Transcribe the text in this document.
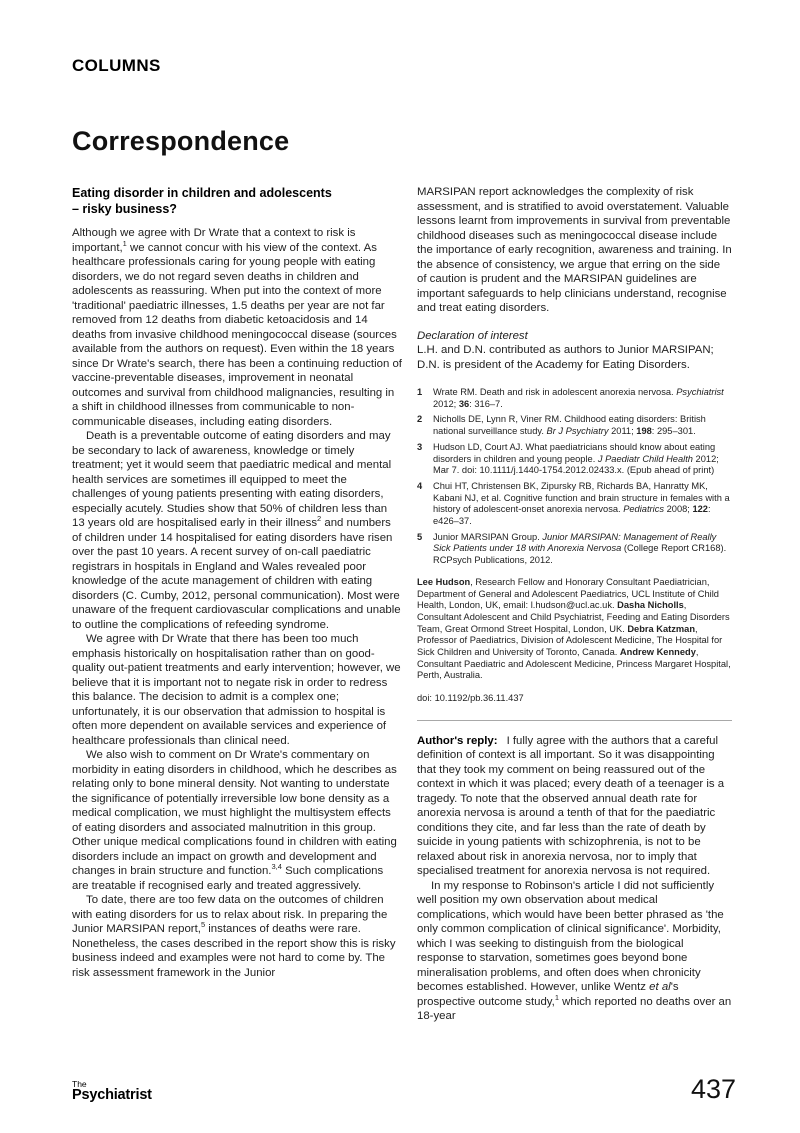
COLUMNS
Correspondence
Eating disorder in children and adolescents
– risky business?

Although we agree with Dr Wrate that a context to risk is important,$^1$ we cannot concur with his view of the context. As healthcare professionals caring for young people with eating disorders, we do not regard seven deaths in children and adolescents as reassuring. When put into the context of more 'traditional' paediatric illnesses, 1.5 deaths per year are not far removed from 12 deaths from diabetic ketoacidosis and 14 deaths from invasive childhood meningococcal disease (sources available from the authors on request). Even within the 18 years since Dr Wrate's search, there has been a continuing reduction of vaccine-preventable diseases, improvement in neonatal outcomes and survival from childhood malignancies, resulting in a shift in childhood illnesses from communicable to non-communicable diseases, including eating disorders.

Death is a preventable outcome of eating disorders and may be secondary to lack of awareness, knowledge or timely treatment; yet it would seem that paediatric medical and mental health services are sometimes ill equipped to meet the challenges of young patients presenting with eating disorders, especially acutely. Studies show that 50% of children less than 13 years old are hospitalised early in their illness$^2$ and numbers of children under 14 hospitalised for eating disorders have risen over the past 10 years. A recent survey of on-call paediatric registrars in hospitals in England and Wales revealed poor knowledge of the acute management of children with eating disorders (C. Cumby, 2012, personal communication). Most were unaware of the frequent cardiovascular complications and unable to outline the complications of refeeding syndrome.

We agree with Dr Wrate that there has been too much emphasis historically on hospitalisation rather than on good-quality out-patient treatments and early intervention; however, we believe that it is important not to negate risk in order to redress this balance. The decision to admit is a complex one; unfortunately, it is our observation that admission to hospital is often more dependent on available services and experience of healthcare professionals than clinical need.

We also wish to comment on Dr Wrate's commentary on morbidity in eating disorders in childhood, which he describes as relating only to bone mineral density. Not wanting to understate the significance of potentially irreversible low bone density as a medical complication, we must highlight the multisystem effects of eating disorders and associated malnutrition in this group. Other unique medical complications found in children with eating disorders include an impact on growth and development and changes in brain structure and function.$^{3,4}$ Such complications are treatable if recognised early and treated aggressively.

To date, there are too few data on the outcomes of children with eating disorders for us to relax about risk. In preparing the Junior MARSIPAN report,$^5$ instances of deaths were rare. Nonetheless, the cases described in the report show this is risky business indeed and examples were not hard to come by. The risk assessment framework in the Junior

MARSIPAN report acknowledges the complexity of risk assessment, and is stratified to avoid overstatement. Valuable lessons learnt from improvements in survival from preventable childhood diseases such as meningococcal disease include the importance of early recognition, awareness and training. In the absence of consistency, we argue that erring on the side of caution is prudent and the MARSIPAN guidelines are important safeguards to help clinicians understand, recognise and treat eating disorders.

Declaration of interest

L.H. and D.N. contributed as authors to Junior MARSIPAN; D.N. is president of the Academy for Eating Disorders.

1	Wrate RM. Death and risk in adolescent anorexia nervosa. Psychiatrist 2012; 36: 316–7.
2	Nicholls DE, Lynn R, Viner RM. Childhood eating disorders: British national surveillance study. Br J Psychiatry 2011; 198: 295–301.
3	Hudson LD, Court AJ. What paediatricians should know about eating disorders in children and young people. J Paediatr Child Health 2012; Mar 7. doi: 10.1111/j.1440-1754.2012.02433.x. (Epub ahead of print)
4	Chui HT, Christensen BK, Zipursky RB, Richards BA, Hanratty MK, Kabani NJ, et al. Cognitive function and brain structure in females with a history of adolescent-onset anorexia nervosa. Pediatrics 2008; 122: e426–37.
5	Junior MARSIPAN Group. Junior MARSIPAN: Management of Really Sick Patients under 18 with Anorexia Nervosa (College Report CR168). RCPsych Publications, 2012.

Lee Hudson, Research Fellow and Honorary Consultant Paediatrician, Department of General and Adolescent Paediatrics, UCL Institute of Child Health, London, UK, email: l.hudson@ucl.ac.uk. Dasha Nicholls, Consultant Adolescent and Child Psychiatrist, Feeding and Eating Disorders Team, Great Ormond Street Hospital, London, UK. Debra Katzman, Professor of Paediatrics, Division of Adolescent Medicine, The Hospital for Sick Children and University of Toronto, Canada. Andrew Kennedy, Consultant Paediatric and Adolescent Medicine, Princess Margaret Hospital, Perth, Australia.

doi: 10.1192/pb.36.11.437

Author's reply: I fully agree with the authors that a careful definition of context is all important. So it was disappointing that they took my comment on being reassured out of the context in which it was placed; every death of a teenager is a tragedy. To note that the observed annual death rate for anorexia nervosa is around a tenth of that for the paediatric conditions they cite, and far less than the rate of death by suicide in young patients with schizophrenia, is not to be relaxed about risk in anorexia nervosa, nor to imply that specialised treatment for anorexia nervosa is not required.

In my response to Robinson's article I did not sufficiently well position my own observation about medical complications, which would have been better phrased as 'the only common complication of clinical significance'. Morbidity, which I was seeking to distinguish from the biological response to starvation, sometimes goes beyond bone mineralisation problems, and often does when chronicity becomes established. However, unlike Wentz et al's prospective outcome study,$^1$ which reported no deaths over an 18-year

The
Psychiatrist	437
